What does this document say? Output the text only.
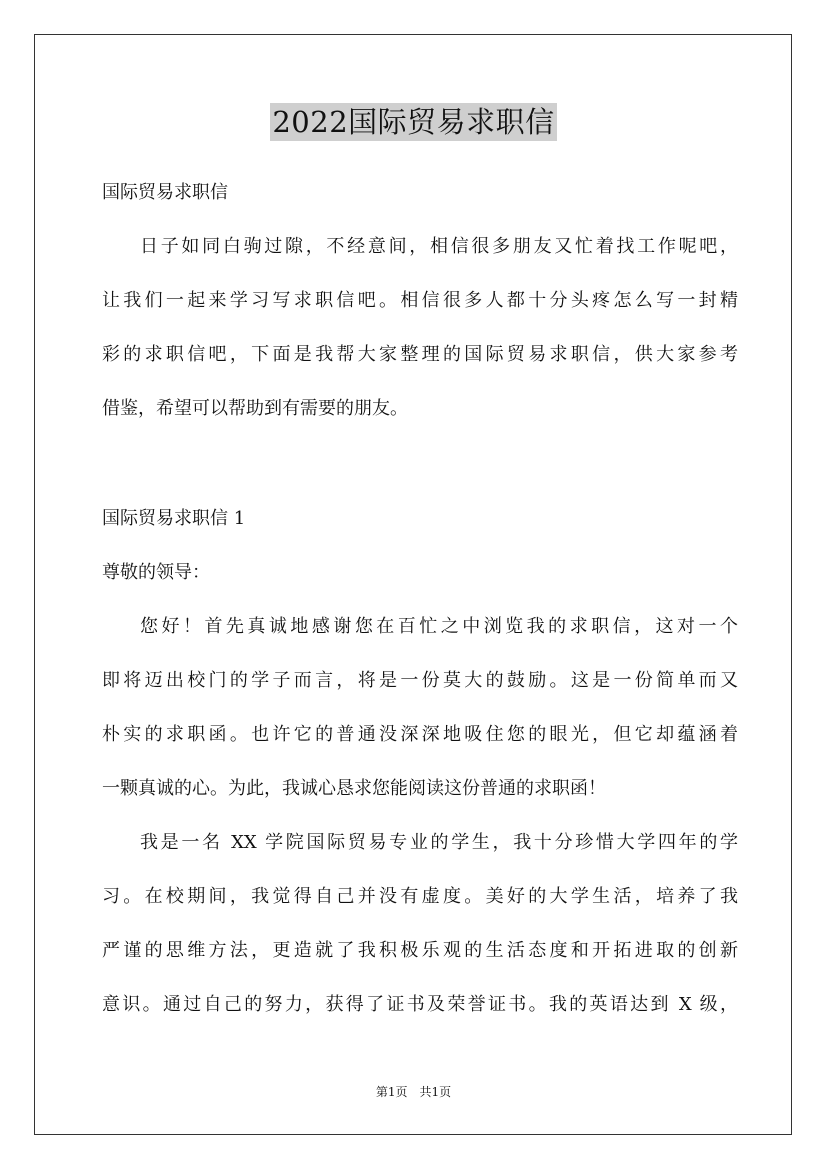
2022国际贸易求职信
国际贸易求职信
日子如同白驹过隙，不经意间，相信很多朋友又忙着找工作呢吧，
让我们一起来学习写求职信吧。相信很多人都十分头疼怎么写一封精
彩的求职信吧，下面是我帮大家整理的国际贸易求职信，供大家参考
借鉴，希望可以帮助到有需要的朋友。
国际贸易求职信 1
尊敬的领导：
您好！首先真诚地感谢您在百忙之中浏览我的求职信，这对一个
即将迈出校门的学子而言，将是一份莫大的鼓励。这是一份简单而又
朴实的求职函。也许它的普通没深深地吸住您的眼光，但它却蕴涵着
一颗真诚的心。为此，我诚心恳求您能阅读这份普通的求职函！
我是一名 XX 学院国际贸易专业的学生，我十分珍惜大学四年的学
习。在校期间，我觉得自己并没有虚度。美好的大学生活，培养了我
严谨的思维方法，更造就了我积极乐观的生活态度和开拓进取的创新
意识。通过自己的努力，获得了证书及荣誉证书。我的英语达到 X 级，
第1页　共1页
